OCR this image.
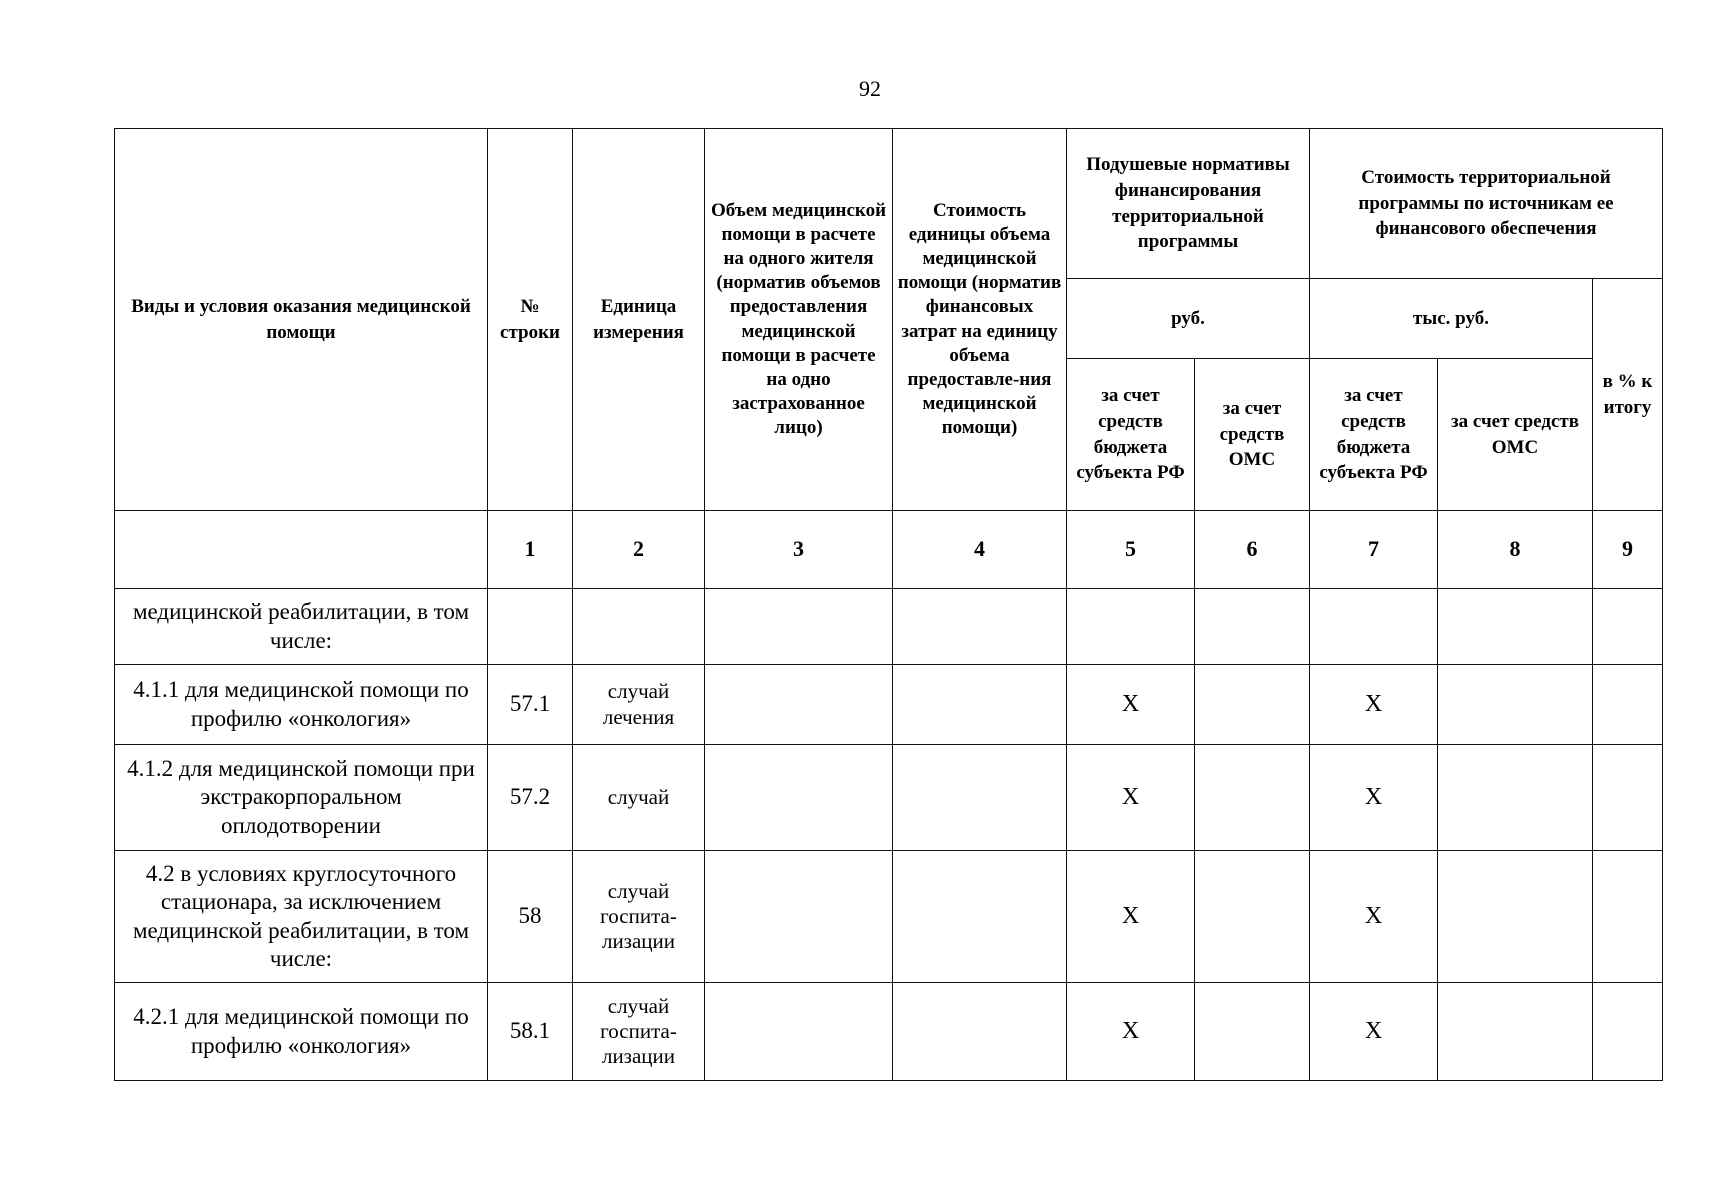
92
Виды и условия оказания медицинской помощи	№ строки	Единица измерения	Объем медицинской помощи в расчете на одного жителя (норматив объемов предоставления медицинской помощи в расчете на одно застрахованное лицо)	Стоимость единицы объема медицинской помощи (норматив финансовых затрат на единицу объема предоставле-ния медицинской помощи)	Подушевые нормативы финансирования территориальной программы		Стоимость территориальной программы по источникам ее финансового обеспечения		
					руб.		тыс. руб.		в % к итогу
					за счет средств бюджета субъекта РФ	за счет средств ОМС	за счет средств бюджета субъекта РФ	за счет средств ОМС	
	1	2	3	4	5	6	7	8	9
медицинской реабилитации, в том числе:									
4.1.1 для медицинской помощи по профилю «онкология»	57.1	случай лечения			X		X		
4.1.2 для медицинской помощи при экстракорпоральном оплодотворении	57.2	случай			X		X		
4.2 в условиях круглосуточного стационара, за исключением медицинской реабилитации, в том числе:	58	случай госпита-лизации			X		X		
4.2.1 для медицинской помощи по профилю «онкология»	58.1	случай госпита-лизации			X		X		
